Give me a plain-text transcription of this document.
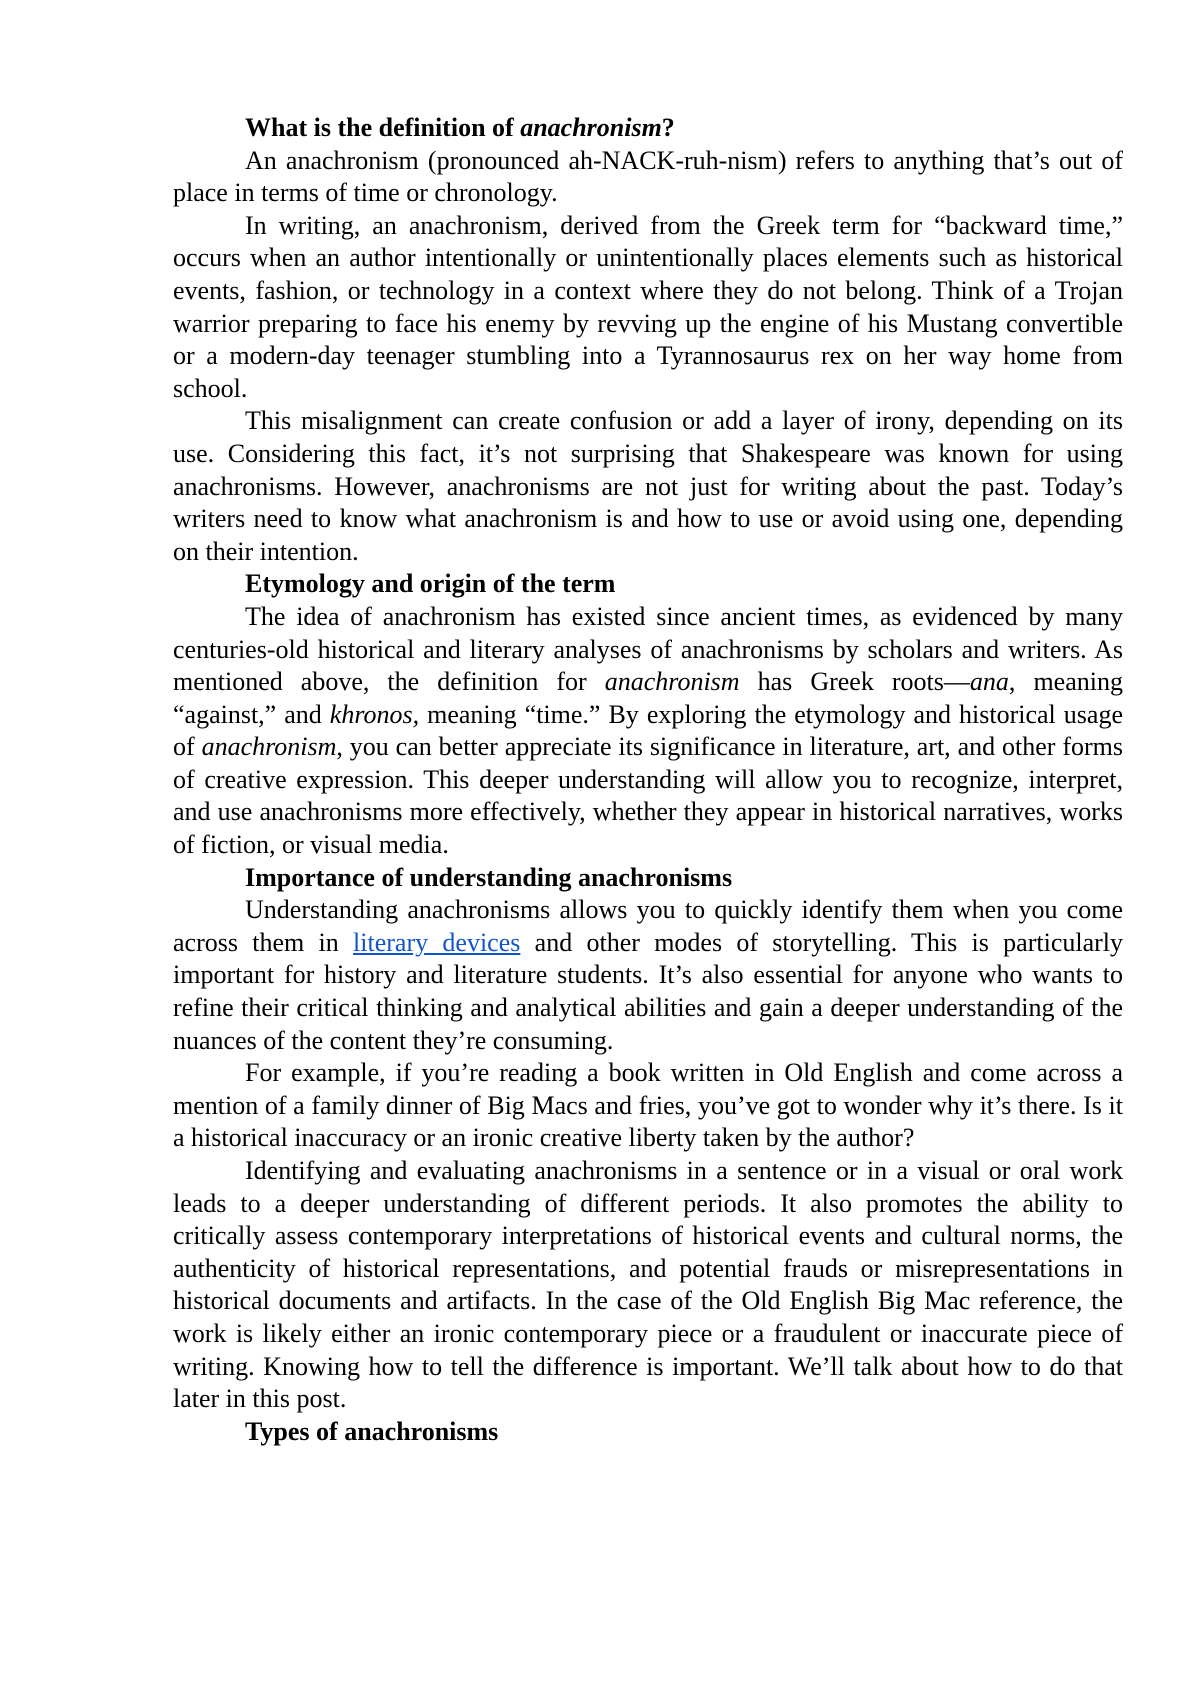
What is the definition of anachronism?

An anachronism (pronounced ah-NACK-ruh-nism) refers to anything that’s out of place in terms of time or chronology.

In writing, an anachronism, derived from the Greek term for “backward time,” occurs when an author intentionally or unintentionally places elements such as historical events, fashion, or technology in a context where they do not belong. Think of a Trojan warrior preparing to face his enemy by revving up the engine of his Mustang convertible or a modern-day teenager stumbling into a Tyrannosaurus rex on her way home from school.

This misalignment can create confusion or add a layer of irony, depending on its use. Considering this fact, it’s not surprising that Shakespeare was known for using anachronisms. However, anachronisms are not just for writing about the past. Today’s writers need to know what anachronism is and how to use or avoid using one, depending on their intention.

Etymology and origin of the term

The idea of anachronism has existed since ancient times, as evidenced by many centuries-old historical and literary analyses of anachronisms by scholars and writers. As mentioned above, the definition for anachronism has Greek roots—ana, meaning “against,” and khronos, meaning “time.” By exploring the etymology and historical usage of anachronism, you can better appreciate its significance in literature, art, and other forms of creative expression. This deeper understanding will allow you to recognize, interpret, and use anachronisms more effectively, whether they appear in historical narratives, works of fiction, or visual media.

Importance of understanding anachronisms

Understanding anachronisms allows you to quickly identify them when you come across them in literary devices and other modes of storytelling. This is particularly important for history and literature students. It’s also essential for anyone who wants to refine their critical thinking and analytical abilities and gain a deeper understanding of the nuances of the content they’re consuming.

For example, if you’re reading a book written in Old English and come across a mention of a family dinner of Big Macs and fries, you’ve got to wonder why it’s there. Is it a historical inaccuracy or an ironic creative liberty taken by the author?

Identifying and evaluating anachronisms in a sentence or in a visual or oral work leads to a deeper understanding of different periods. It also promotes the ability to critically assess contemporary interpretations of historical events and cultural norms, the authenticity of historical representations, and potential frauds or misrepresentations in historical documents and artifacts. In the case of the Old English Big Mac reference, the work is likely either an ironic contemporary piece or a fraudulent or inaccurate piece of writing. Knowing how to tell the difference is important. We’ll talk about how to do that later in this post.

Types of anachronisms
